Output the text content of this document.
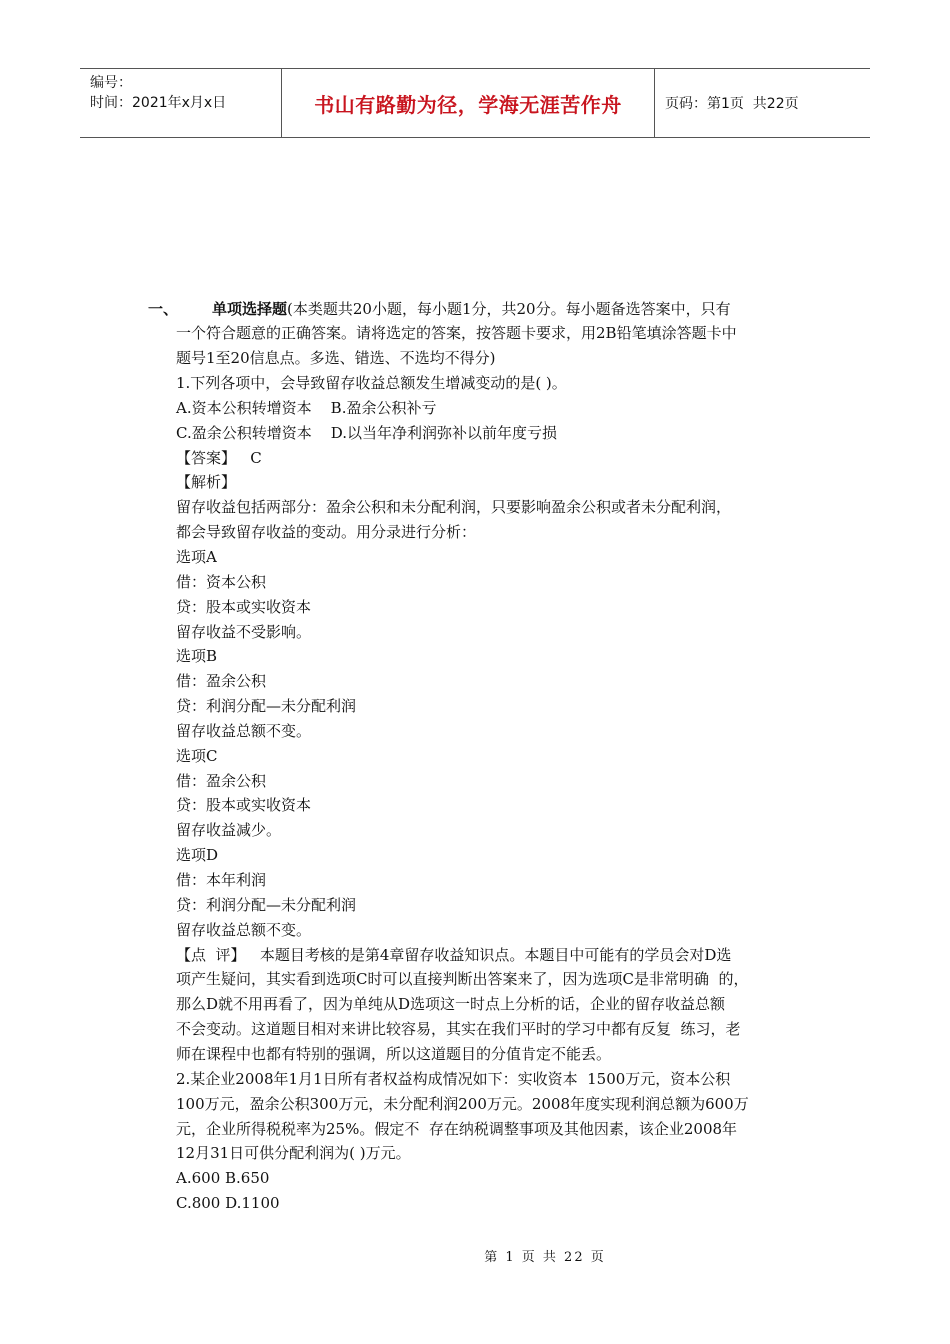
编号：
时间：2021年x月x日	书山有路勤为径，学海无涯苦作舟	页码：第1页  共22页
一、 单项选择题(本类题共20小题，每小题1分，共20分。每小题备选答案中，只有
一个符合题意的正确答案。请将选定的答案，按答题卡要求，用2B铅笔填涂答题卡中
题号1至20信息点。多选、错选、不选均不得分)
1.下列各项中，会导致留存收益总额发生增减变动的是( )。
A.资本公积转增资本    B.盈余公积补亏
C.盈余公积转增资本    D.以当年净利润弥补以前年度亏损
【答案】   C
【解析】
留存收益包括两部分：盈余公积和未分配利润，只要影响盈余公积或者未分配利润，
都会导致留存收益的变动。用分录进行分析：
选项A
借：资本公积
贷：股本或实收资本
留存收益不受影响。
选项B
借：盈余公积
贷：利润分配—未分配利润
留存收益总额不变。
选项C
借：盈余公积
贷：股本或实收资本
留存收益减少。
选项D
借：本年利润
贷：利润分配—未分配利润
留存收益总额不变。
【点  评】   本题目考核的是第4章留存收益知识点。本题目中可能有的学员会对D选
项产生疑问，其实看到选项C时可以直接判断出答案来了，因为选项C是非常明确  的，
那么D就不用再看了，因为单纯从D选项这一时点上分析的话，企业的留存收益总额
不会变动。这道题目相对来讲比较容易，其实在我们平时的学习中都有反复  练习，老
师在课程中也都有特别的强调，所以这道题目的分值肯定不能丢。
2.某企业2008年1月1日所有者权益构成情况如下：实收资本  1500万元，资本公积
100万元，盈余公积300万元，未分配利润200万元。2008年度实现利润总额为600万
元，企业所得税税率为25%。假定不  存在纳税调整事项及其他因素，该企业2008年
12月31日可供分配利润为( )万元。
A.600 B.650
C.800 D.1100
第 1 页 共 22 页
